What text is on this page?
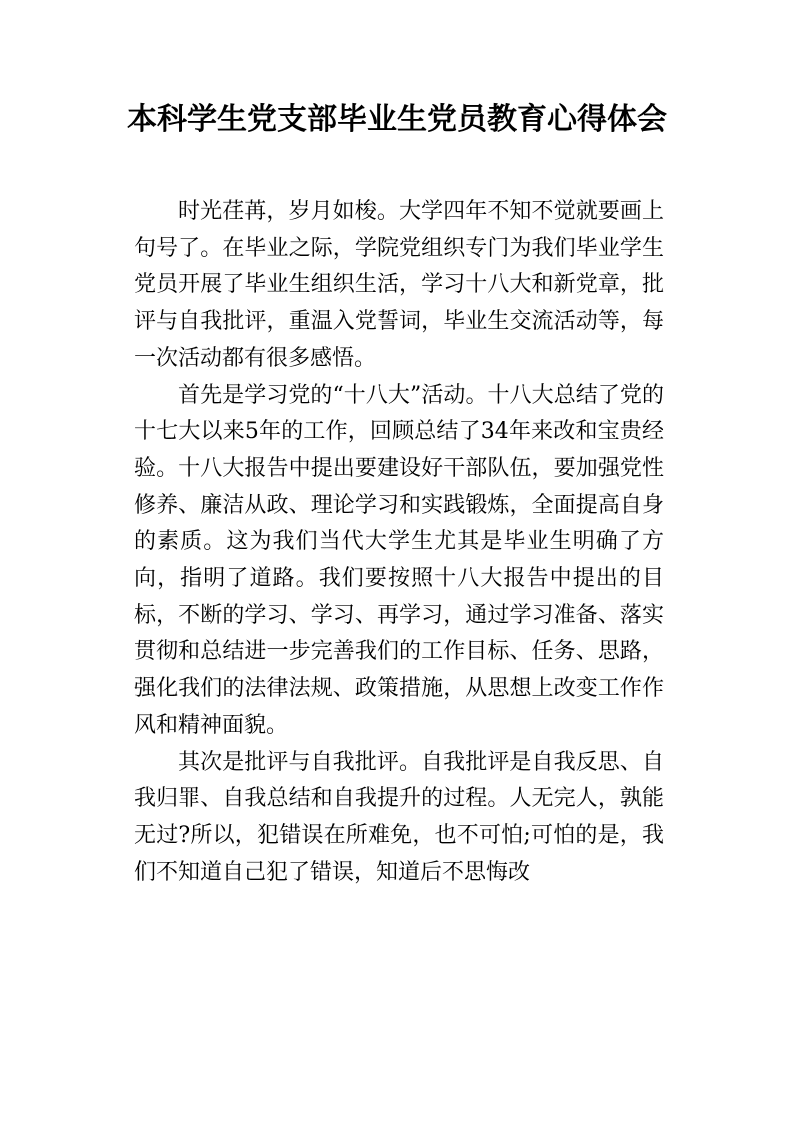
本科学生党支部毕业生党员教育心得体会

时光荏苒，岁月如梭。大学四年不知不觉就要画上句号了。在毕业之际，学院党组织专门为我们毕业学生党员开展了毕业生组织生活，学习十八大和新党章，批评与自我批评，重温入党誓词，毕业生交流活动等，每一次活动都有很多感悟。

首先是学习党的“十八大”活动。十八大总结了党的十七大以来5年的工作，回顾总结了34年来改和宝贵经验。十八大报告中提出要建设好干部队伍，要加强党性修养、廉洁从政、理论学习和实践锻炼，全面提高自身的素质。这为我们当代大学生尤其是毕业生明确了方向，指明了道路。我们要按照十八大报告中提出的目标，不断的学习、学习、再学习，通过学习准备、落实贯彻和总结进一步完善我们的工作目标、任务、思路，强化我们的法律法规、政策措施，从思想上改变工作作风和精神面貌。

其次是批评与自我批评。自我批评是自我反思、自我归罪、自我总结和自我提升的过程。人无完人，孰能无过?所以，犯错误在所难免，也不可怕;可怕的是，我们不知道自己犯了错误，知道后不思悔改
